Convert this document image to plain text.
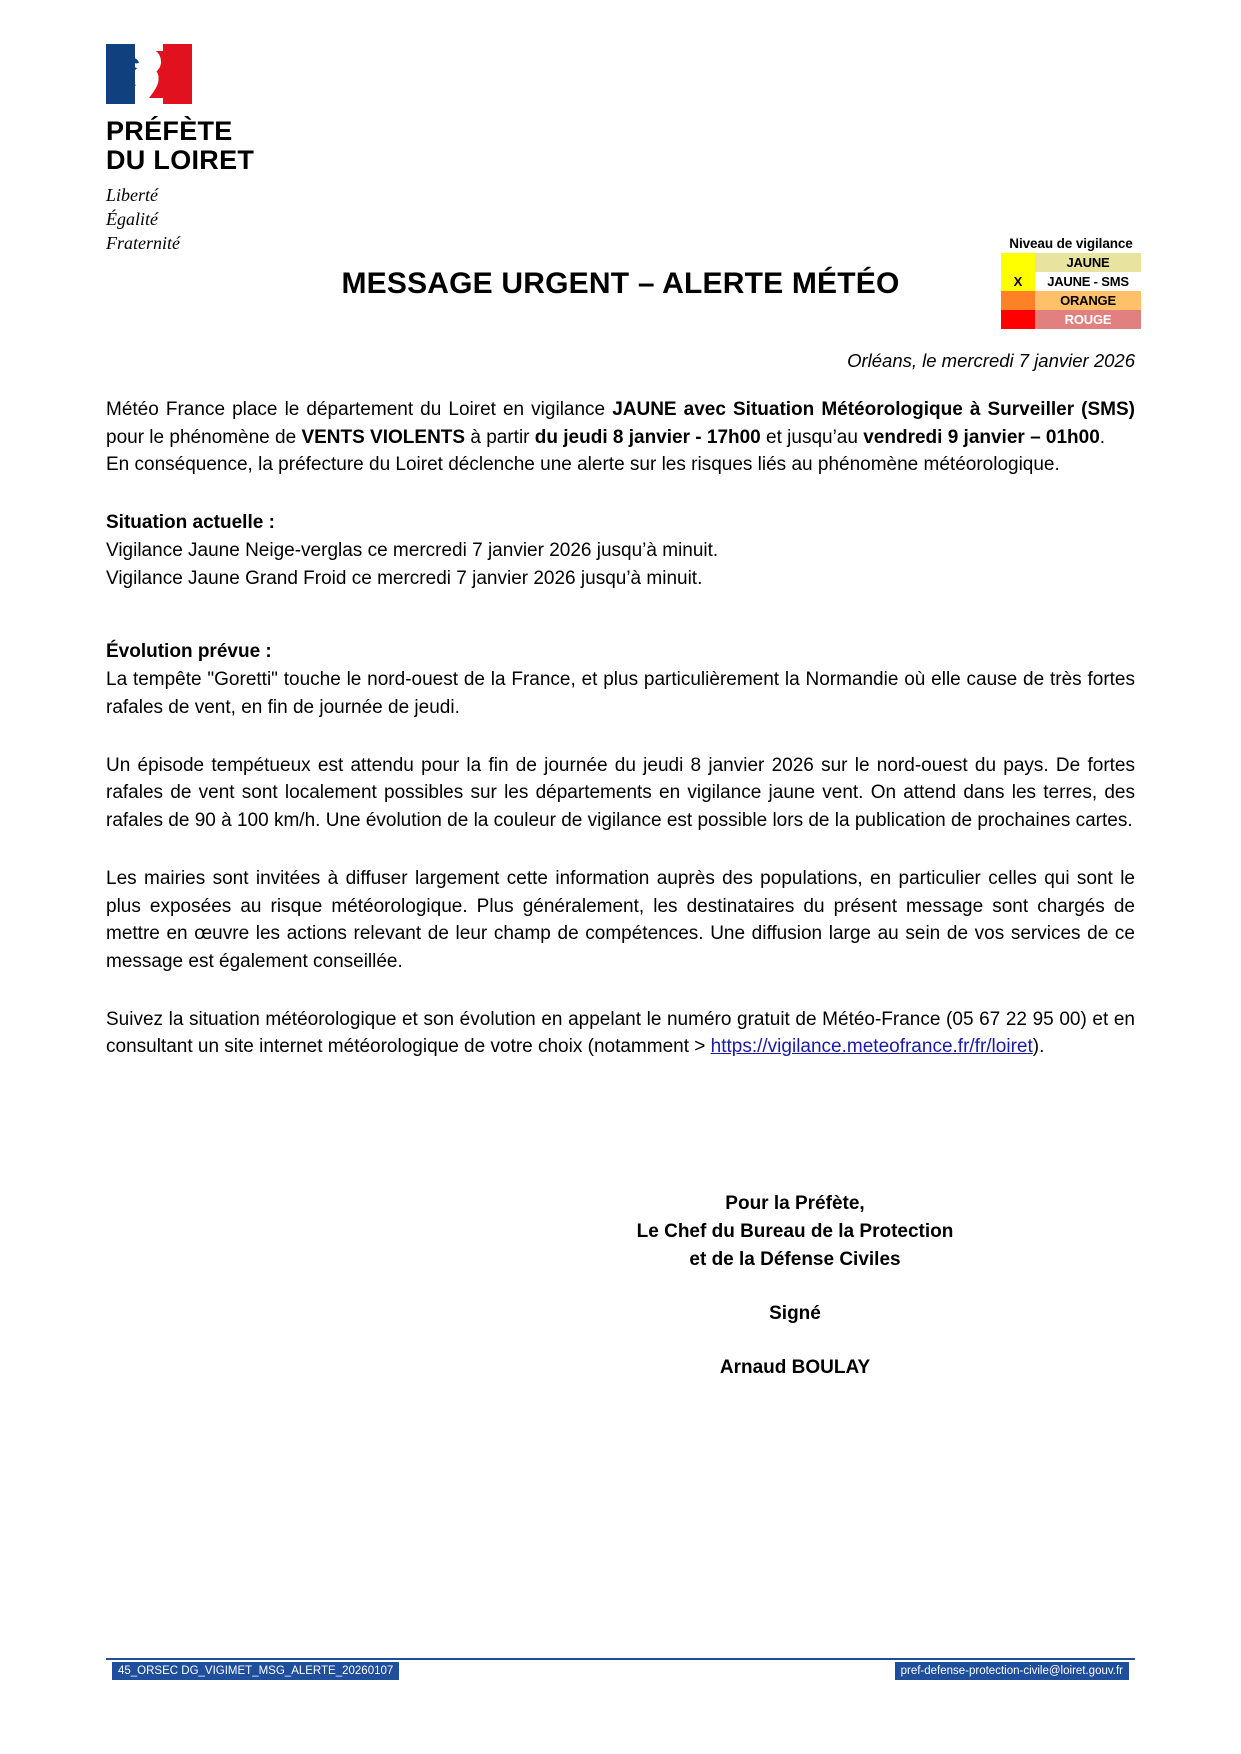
PRÉFÈTE
DU LOIRET
Liberté
Égalité
Fraternité	Niveau de vigilance
	JAUNE
X	JAUNE - SMS
	ORANGE
	ROUGE
MESSAGE URGENT – ALERTE MÉTÉO
Orléans, le mercredi 7 janvier 2026

Météo France place le département du Loiret en vigilance JAUNE avec Situation Météorologique à Surveiller (SMS) pour le phénomène de VENTS VIOLENTS à partir du jeudi 8 janvier - 17h00 et jusqu’au vendredi 9 janvier – 01h00.

En conséquence, la préfecture du Loiret déclenche une alerte sur les risques liés au phénomène météorologique.

Situation actuelle :

Vigilance Jaune Neige-verglas ce mercredi 7 janvier 2026 jusqu’à minuit.

Vigilance Jaune Grand Froid ce mercredi 7 janvier 2026 jusqu’à minuit.

Évolution prévue :

La tempête "Goretti" touche le nord-ouest de la France, et plus particulièrement la Normandie où elle cause de très fortes rafales de vent, en fin de journée de jeudi.

Un épisode tempétueux est attendu pour la fin de journée du jeudi 8 janvier 2026 sur le nord-ouest du pays. De fortes rafales de vent sont localement possibles sur les départements en vigilance jaune vent. On attend dans les terres, des rafales de 90 à 100 km/h. Une évolution de la couleur de vigilance est possible lors de la publication de prochaines cartes.

Les mairies sont invitées à diffuser largement cette information auprès des populations, en particulier celles qui sont le plus exposées au risque météorologique. Plus généralement, les destinataires du présent message sont chargés de mettre en œuvre les actions relevant de leur champ de compétences. Une diffusion large au sein de vos services de ce message est également conseillée.

Suivez la situation météorologique et son évolution en appelant le numéro gratuit de Météo-France (05 67 22 95 00) et en consultant un site internet météorologique de votre choix (notamment > https://vigilance.meteofrance.fr/fr/loiret).

Pour la Préfète,
Le Chef du Bureau de la Protection
et de la Défense Civiles
Signé
Arnaud BOULAY
45_ORSEC DG_VIGIMET_MSG_ALERTE_20260107	pref-defense-protection-civile@loiret.gouv.fr
